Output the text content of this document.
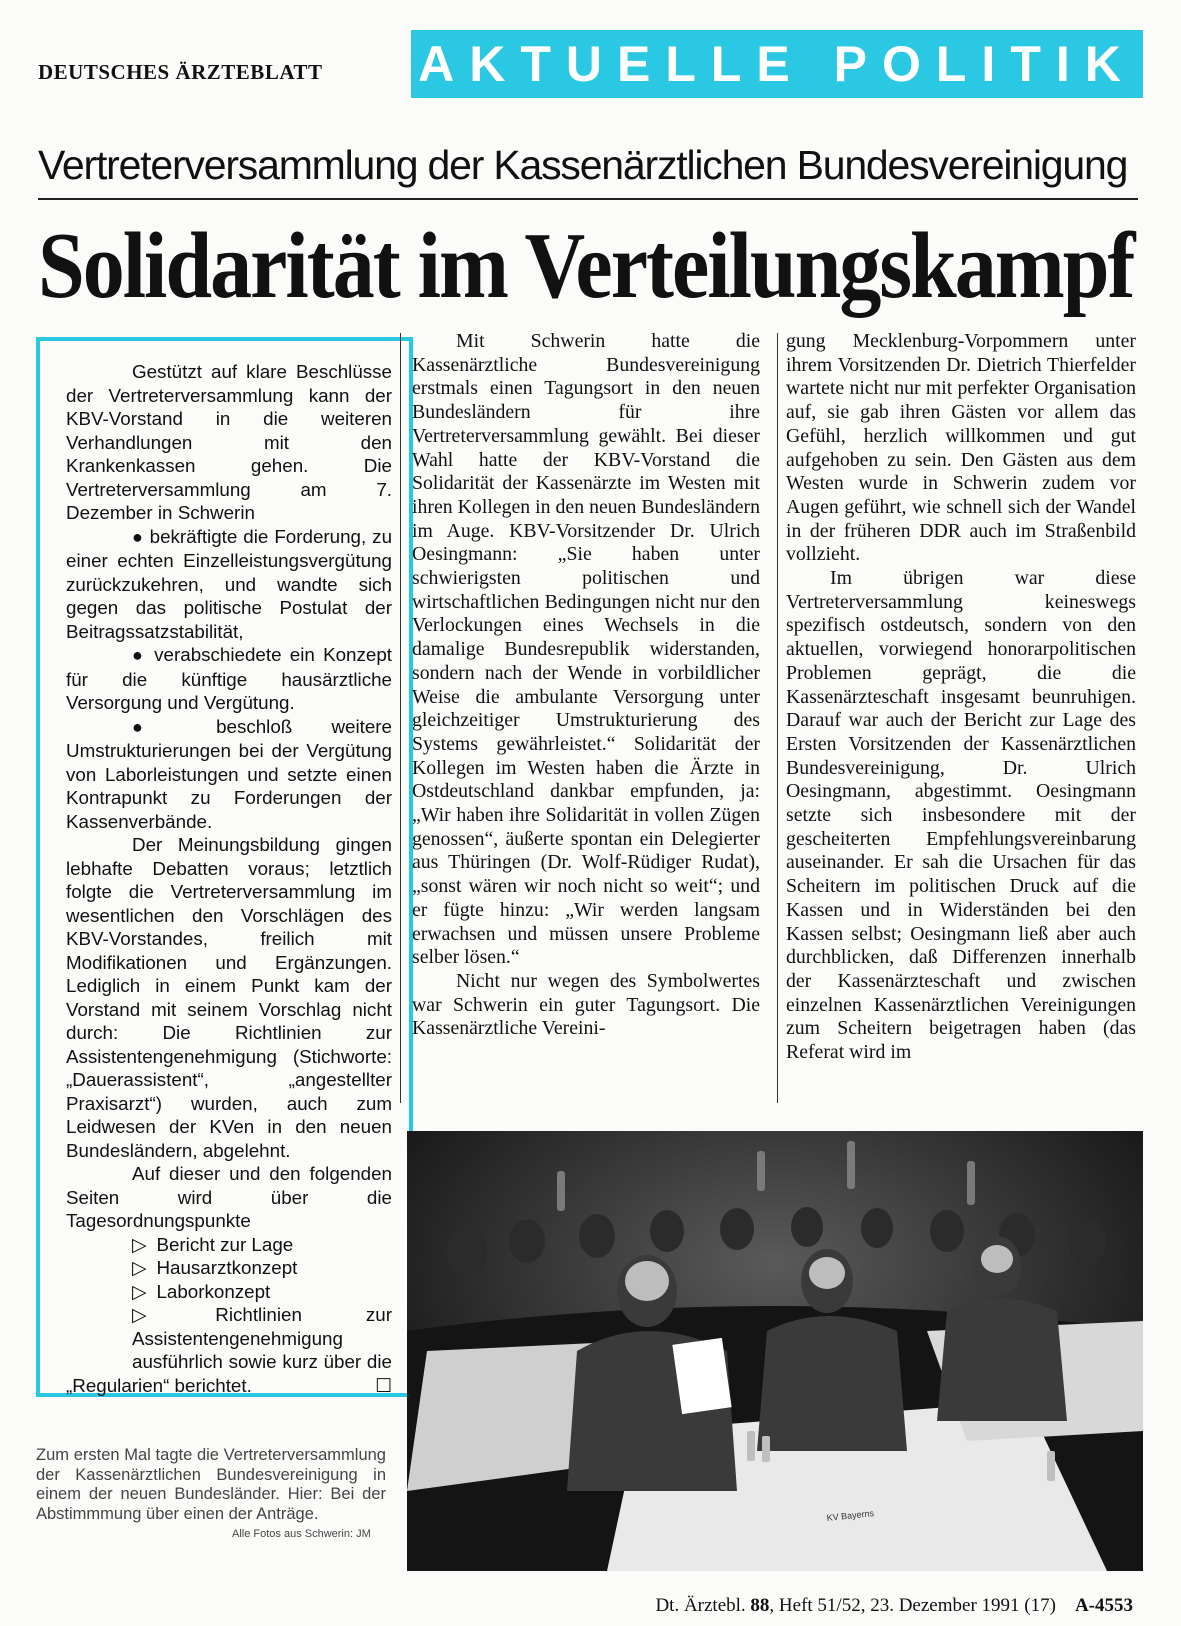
DEUTSCHES ÄRZTEBLATT AKTUELLE POLITIK
Vertreterversammlung der Kassenärztlichen Bundesvereinigung
Solidarität im Verteilungskampf

Gestützt auf klare Beschlüsse der Vertreterversammlung kann der KBV-Vorstand in die weiteren Verhandlungen mit den Krankenkassen gehen. Die Vertreterversammlung am 7. Dezember in Schwerin

● bekräftigte die Forderung, zu einer echten Einzelleistungsvergütung zurückzukehren, und wandte sich gegen das politische Postulat der Beitragssatzstabilität,

● verabschiedete ein Konzept für die künftige hausärztliche Versorgung und Vergütung.

● beschloß weitere Umstrukturierungen bei der Vergütung von Laborleistungen und setzte einen Kontrapunkt zu Forderungen der Kassenverbände.

Der Meinungsbildung gingen lebhafte Debatten voraus; letztlich folgte die Vertreterversammlung im wesentlichen den Vorschlägen des KBV-Vorstandes, freilich mit Modifikationen und Ergänzungen. Lediglich in einem Punkt kam der Vorstand mit seinem Vorschlag nicht durch: Die Richtlinien zur Assistentengenehmigung (Stichworte: „Dauerassistent“, „angestellter Praxisarzt“) wurden, auch zum Leidwesen der KVen in den neuen Bundesländern, abgelehnt.

Auf dieser und den folgenden Seiten wird über die Tagesordnungspunkte

▷ Bericht zur Lage
▷ Hausarztkonzept
▷ Laborkonzept
▷ Richtlinien zur Assistentengenehmigung

ausführlich sowie kurz über die „Regularien“ berichtet.	☐

Mit Schwerin hatte die Kassenärztliche Bundesvereinigung erstmals einen Tagungsort in den neuen Bundesländern für ihre Vertreterversammlung gewählt. Bei dieser Wahl hatte der KBV-Vorstand die Solidarität der Kassenärzte im Westen mit ihren Kollegen in den neuen Bundesländern im Auge. KBV-Vorsitzender Dr. Ulrich Oesingmann: „Sie haben unter schwierigsten politischen und wirtschaftlichen Bedingungen nicht nur den Verlockungen eines Wechsels in die damalige Bundesrepublik widerstanden, sondern nach der Wende in vorbildlicher Weise die ambulante Versorgung unter gleichzeitiger Umstrukturierung des Systems gewährleistet.“ Solidarität der Kollegen im Westen haben die Ärzte in Ostdeutschland dankbar empfunden, ja: „Wir haben ihre Solidarität in vollen Zügen genossen“, äußerte spontan ein Delegierter aus Thüringen (Dr. Wolf-Rüdiger Rudat), „sonst wären wir noch nicht so weit“; und er fügte hinzu: „Wir werden langsam erwachsen und müssen unsere Probleme selber lösen.“

Nicht nur wegen des Symbolwertes war Schwerin ein guter Tagungsort. Die Kassenärztliche Vereini-

gung Mecklenburg-Vorpommern unter ihrem Vorsitzenden Dr. Dietrich Thierfelder wartete nicht nur mit perfekter Organisation auf, sie gab ihren Gästen vor allem das Gefühl, herzlich willkommen und gut aufgehoben zu sein. Den Gästen aus dem Westen wurde in Schwerin zudem vor Augen geführt, wie schnell sich der Wandel in der früheren DDR auch im Straßenbild vollzieht.

Im übrigen war diese Vertreterversammlung keineswegs spezifisch ostdeutsch, sondern von den aktuellen, vorwiegend honorarpolitischen Problemen geprägt, die die Kassenärzteschaft insgesamt beunruhigen. Darauf war auch der Bericht zur Lage des Ersten Vorsitzenden der Kassenärztlichen Bundesvereinigung, Dr. Ulrich Oesingmann, abgestimmt. Oesingmann setzte sich insbesondere mit der gescheiterten Empfehlungsvereinbarung auseinander. Er sah die Ursachen für das Scheitern im politischen Druck auf die Kassen und in Widerständen bei den Kassen selbst; Oesingmann ließ aber auch durchblicken, daß Differenzen innerhalb der Kassenärzteschaft und zwischen einzelnen Kassenärztlichen Vereinigungen zum Scheitern beigetragen haben (das Referat wird im

KV Bayerns
Zum ersten Mal tagte die Vertreterversammlung der Kassenärztlichen Bundesvereinigung in einem der neuen Bundesländer. Hier: Bei der Abstimmmung über einen der Anträge.
Alle Fotos aus Schwerin: JM
Dt. Ärztebl. 88, Heft 51/52, 23. Dezember 1991 (17) A-4553
